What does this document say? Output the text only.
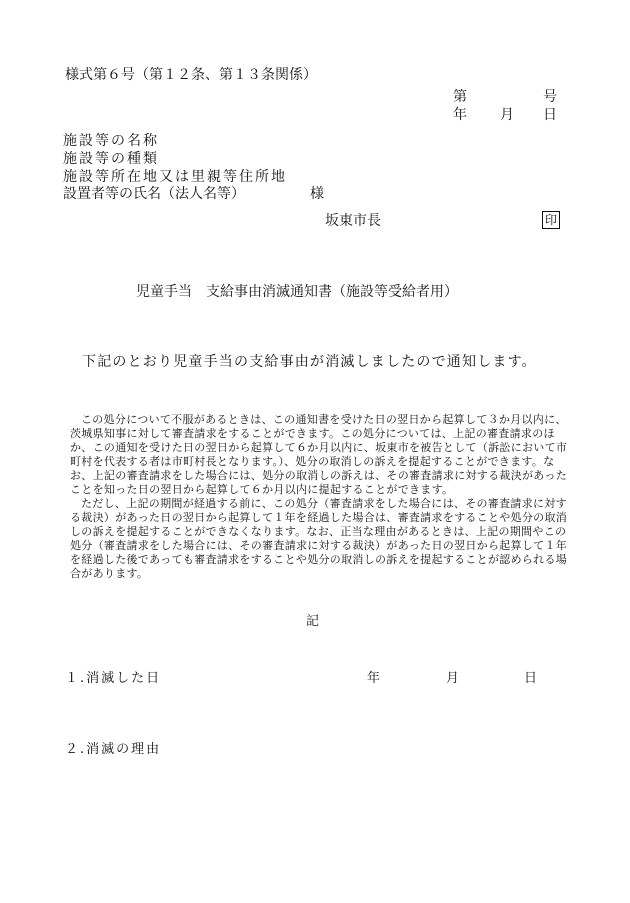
様式第６号（第１２条、第１３条関係）
第	号
年 月 日
施設等の名称
施設等の種類
施設等所在地又は里親等住所地
設置者等の氏名（法人名等）	様
坂東市長	印
児童手当　支給事由消滅通知書（施設等受給者用）
下記のとおり児童手当の支給事由が消滅しましたので通知します。

この処分について不服があるときは、この通知書を受けた日の翌日から起算して３か月以内に、茨城県知事に対して審査請求をすることができます。この処分については、上記の審査請求のほか、この通知を受けた日の翌日から起算して６か月以内に、坂東市を被告として（訴訟において市町村を代表する者は市町村長となります。）、処分の取消しの訴えを提起することができます。なお、上記の審査請求をした場合には、処分の取消しの訴えは、その審査請求に対する裁決があったことを知った日の翌日から起算して６か月以内に提起することができます。

ただし、上記の期間が経過する前に、この処分（審査請求をした場合には、その審査請求に対する裁決）があった日の翌日から起算して１年を経過した場合は、審査請求をすることや処分の取消しの訴えを提起することができなくなります。なお、正当な理由があるときは、上記の期間やこの処分（審査請求をした場合には、その審査請求に対する裁決）があった日の翌日から起算して１年を経過した後であっても審査請求をすることや処分の取消しの訴えを提起することが認められる場合があります。

記
１.消滅した日	年	月	日
２.消滅の理由
